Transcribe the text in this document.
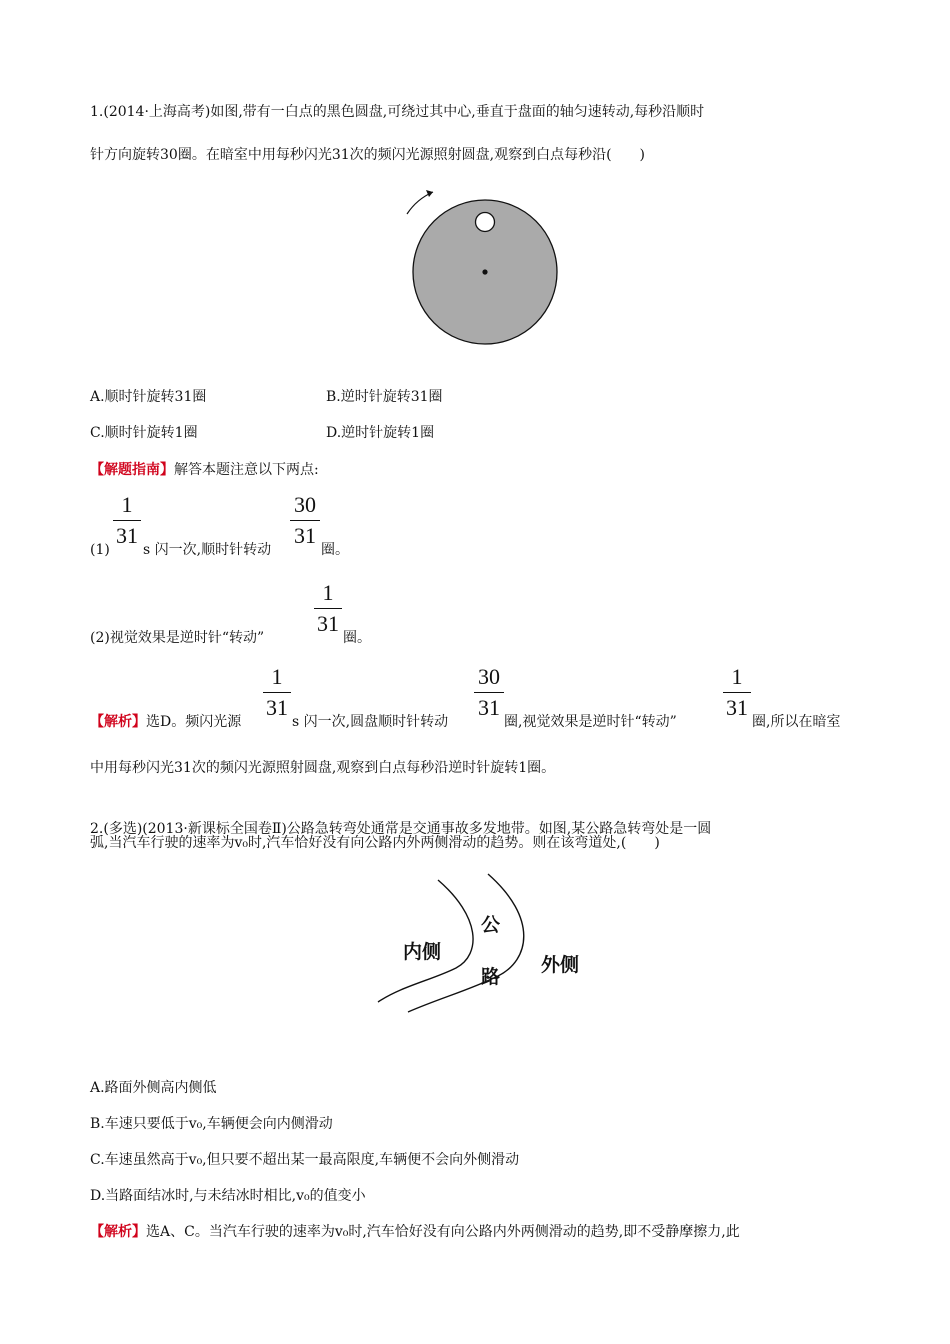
1.(2014·上海高考)如图,带有一白点的黑色圆盘,可绕过其中心,垂直于盘面的轴匀速转动,每秒沿顺时
针方向旋转30圈。在暗室中用每秒闪光31次的频闪光源照射圆盘,观察到白点每秒沿(　　)
A.顺时针旋转31圈	B.逆时针旋转31圈
C.顺时针旋转1圈	D.逆时针旋转1圈
【解题指南】解答本题注意以下两点:
(1)
1
31
s 闪一次,顺时针转动
30
31
圈。
(2)视觉效果是逆时针“转动”
1
31
圈。
【解析】选D。频闪光源
1
31
s 闪一次,圆盘顺时针转动
30
31
圈,视觉效果是逆时针“转动”
1
31
圈,所以在暗室
中用每秒闪光31次的频闪光源照射圆盘,观察到白点每秒沿逆时针旋转1圈。
2.(多选)(2013·新课标全国卷Ⅱ)公路急转弯处通常是交通事故多发地带。如图,某公路急转弯处是一圆
弧,当汽车行驶的速率为v₀时,汽车恰好没有向公路内外两侧滑动的趋势。则在该弯道处,(　　)
内侧
公
路
外侧
A.路面外侧高内侧低
B.车速只要低于v₀,车辆便会向内侧滑动
C.车速虽然高于v₀,但只要不超出某一最高限度,车辆便不会向外侧滑动
D.当路面结冰时,与未结冰时相比,v₀的值变小
【解析】选A、C。当汽车行驶的速率为v₀时,汽车恰好没有向公路内外两侧滑动的趋势,即不受静摩擦力,此
